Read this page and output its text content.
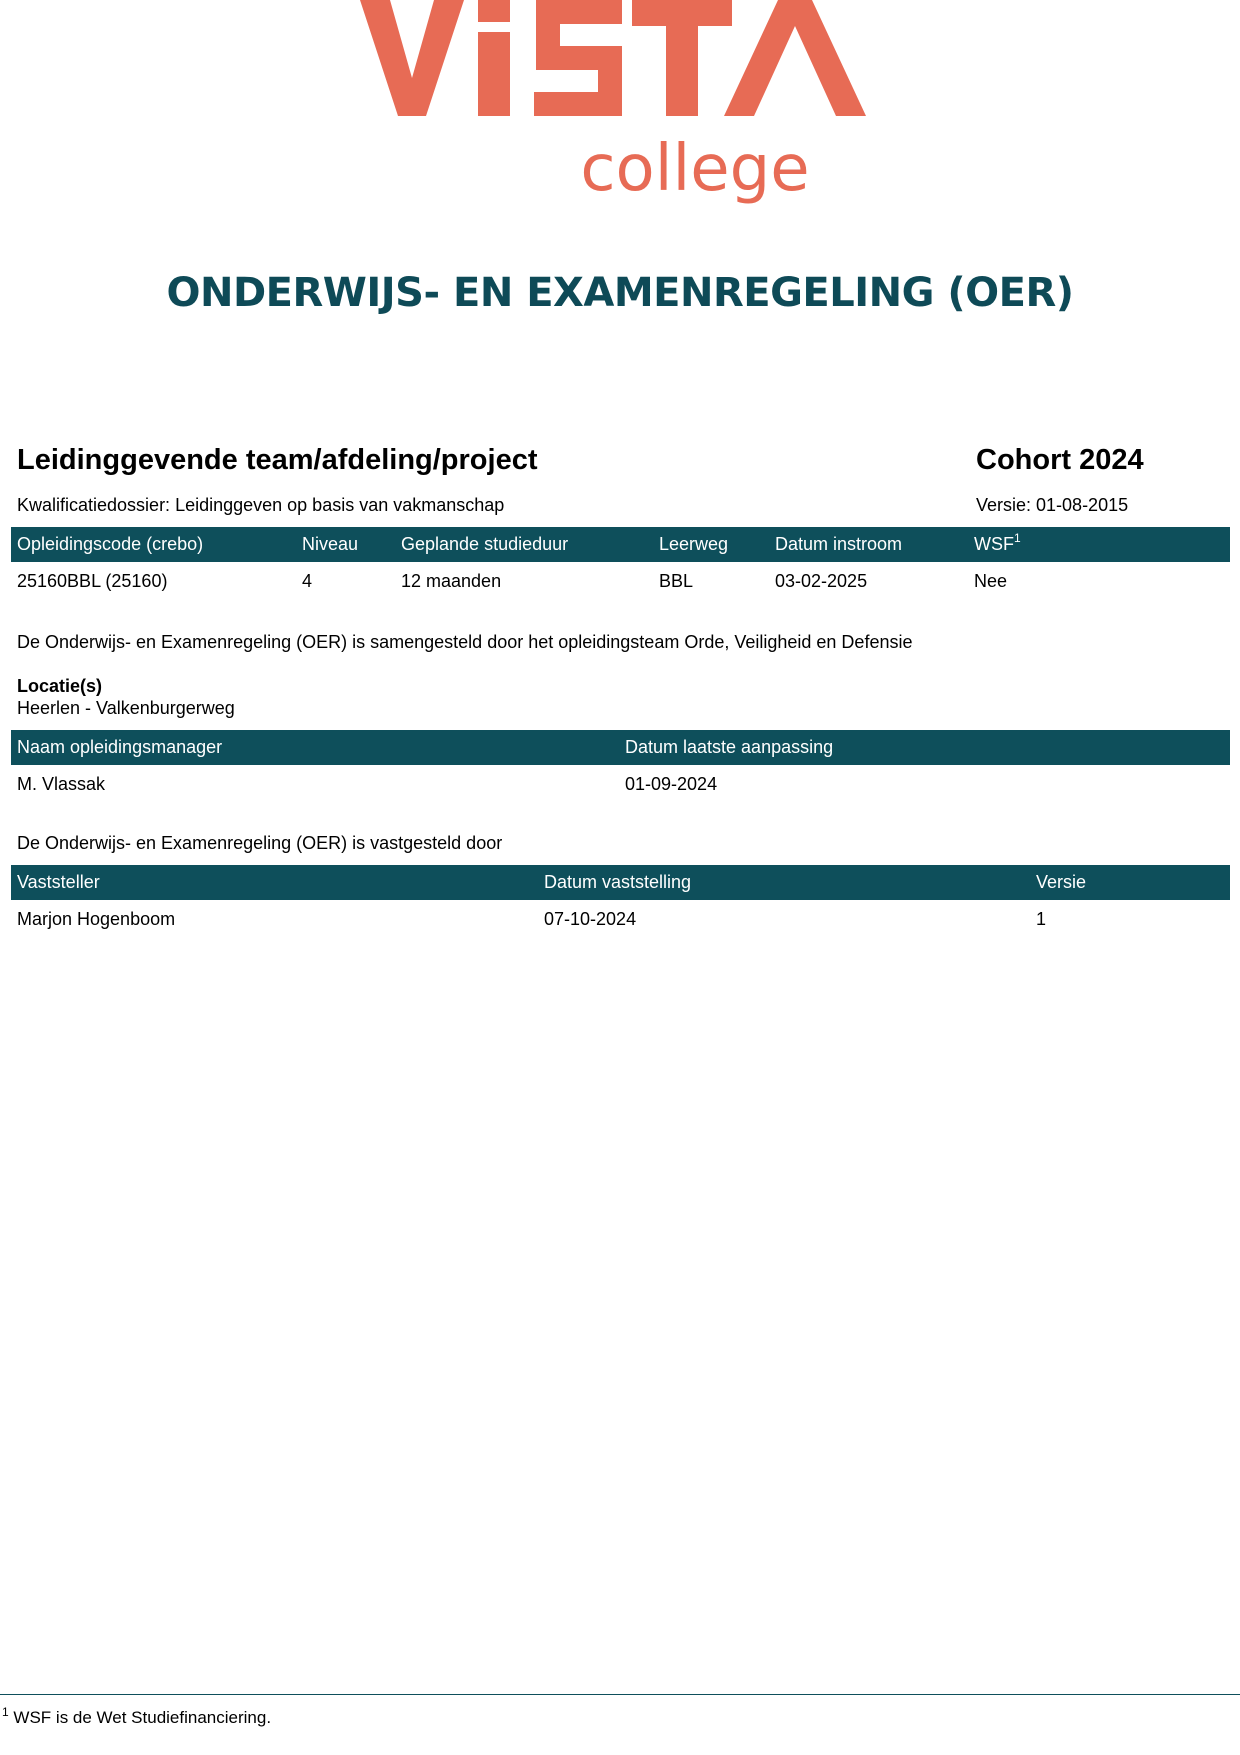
college
ONDERWIJS- EN EXAMENREGELING (OER)
Leidinggevende team/afdeling/project	Cohort 2024
Kwalificatiedossier: Leidinggeven op basis van vakmanschap	Versie: 01-08-2015
Opleidingscode (crebo)	Niveau	Geplande studieduur	Leerweg	Datum instroom	WSF$^1$
25160BBL (25160)	4	12 maanden	BBL	03-02-2025	Nee
De Onderwijs- en Examenregeling (OER) is samengesteld door het opleidingsteam Orde, Veiligheid en Defensie
Locatie(s)
Heerlen - Valkenburgerweg
Naam opleidingsmanager	Datum laatste aanpassing
M. Vlassak	01-09-2024
De Onderwijs- en Examenregeling (OER) is vastgesteld door
Vaststeller	Datum vaststelling	Versie
Marjon Hogenboom	07-10-2024	1
$^1$ WSF is de Wet Studiefinanciering.
